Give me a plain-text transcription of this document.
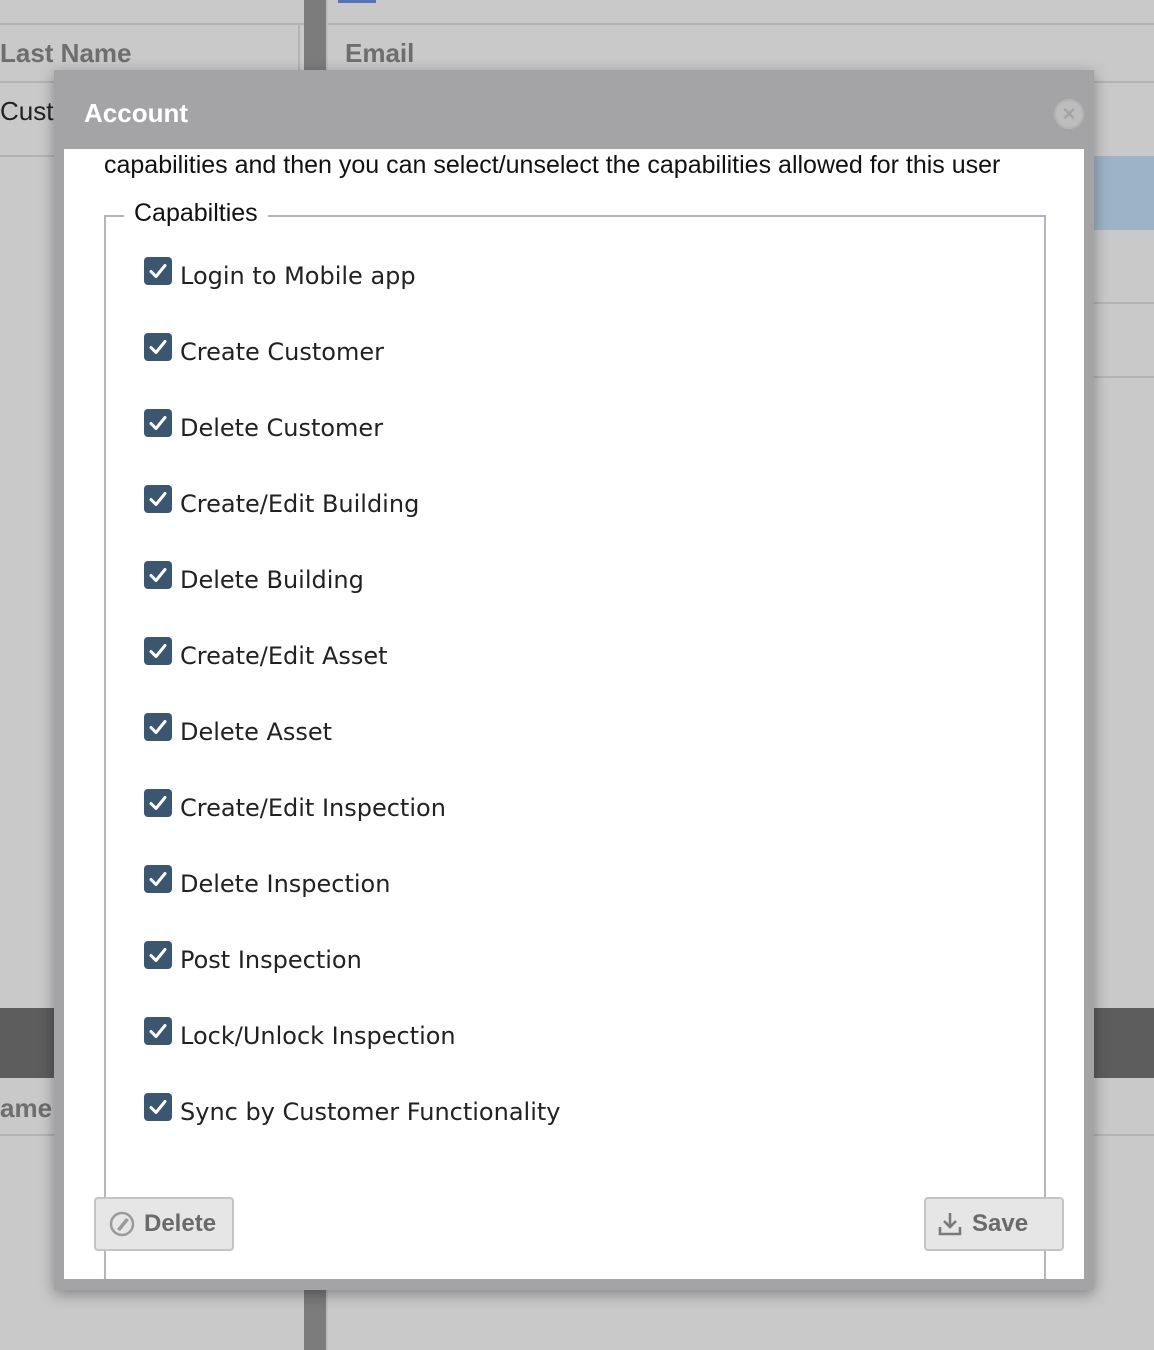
Last Name	Email
Cust
ame
Account	×
capabilities and then you can select/unselect the capabilities allowed for this user
Capabilties
Login to Mobile app
Create Customer
Delete Customer
Create/Edit Building
Delete Building
Create/Edit Asset
Delete Asset
Create/Edit Inspection
Delete Inspection
Post Inspection
Lock/Unlock Inspection
Sync by Customer Functionality
Delete	Save
